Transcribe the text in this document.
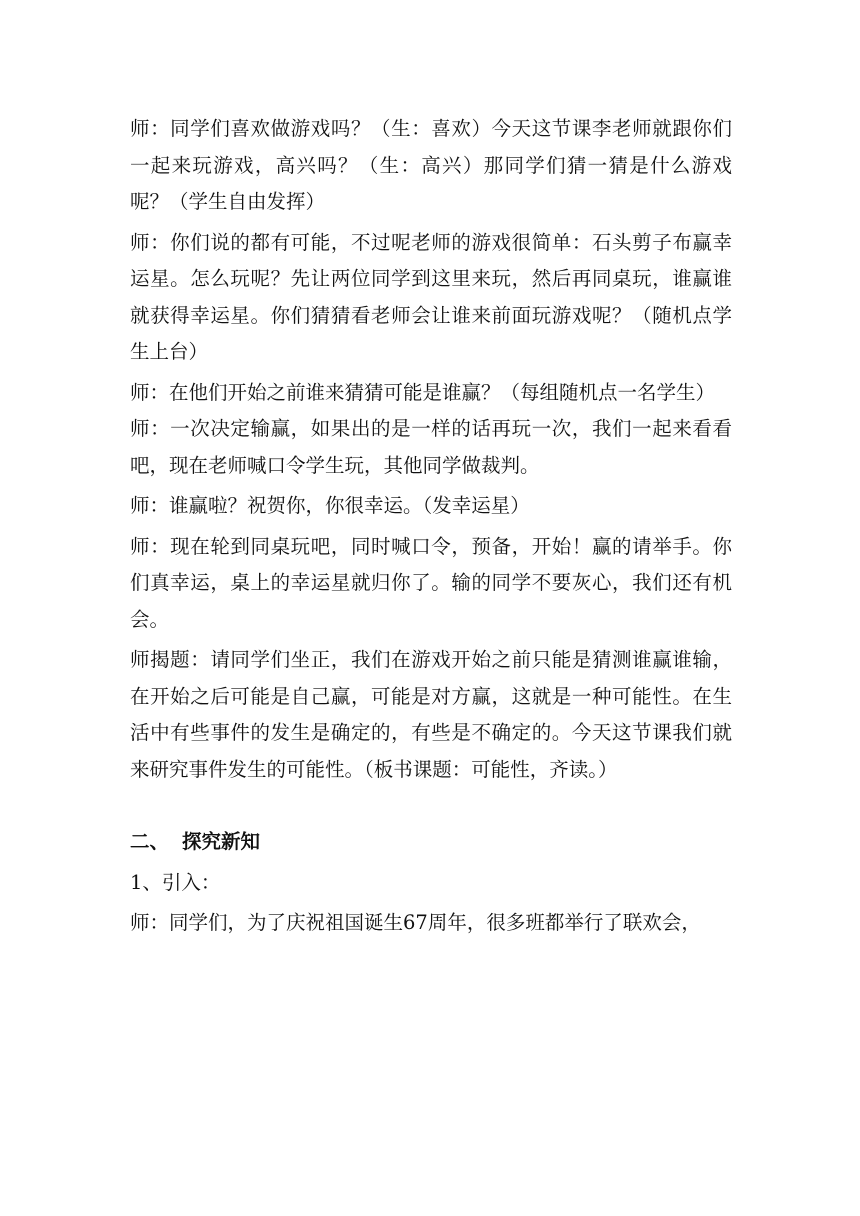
师：同学们喜欢做游戏吗？（生：喜欢）今天这节课李老师就跟你们一起来玩游戏，高兴吗？（生：高兴）那同学们猜一猜是什么游戏呢？（学生自由发挥）

师：你们说的都有可能，不过呢老师的游戏很简单：石头剪子布赢幸运星。怎么玩呢？先让两位同学到这里来玩，然后再同桌玩，谁赢谁就获得幸运星。你们猜猜看老师会让谁来前面玩游戏呢？（随机点学生上台）

师：在他们开始之前谁来猜猜可能是谁赢？（每组随机点一名学生）

师：一次决定输赢，如果出的是一样的话再玩一次，我们一起来看看吧，现在老师喊口令学生玩，其他同学做裁判。

师：谁赢啦？祝贺你，你很幸运。（发幸运星）

师：现在轮到同桌玩吧，同时喊口令，预备，开始！赢的请举手。你们真幸运，桌上的幸运星就归你了。输的同学不要灰心，我们还有机会。

师揭题：请同学们坐正，我们在游戏开始之前只能是猜测谁赢谁输，在开始之后可能是自己赢，可能是对方赢，这就是一种可能性。在生活中有些事件的发生是确定的，有些是不确定的。今天这节课我们就来研究事件发生的可能性。（板书课题：可能性，齐读。）

二、 探究新知

1、引入：

师：同学们，为了庆祝祖国诞生67周年，很多班都举行了联欢会，
